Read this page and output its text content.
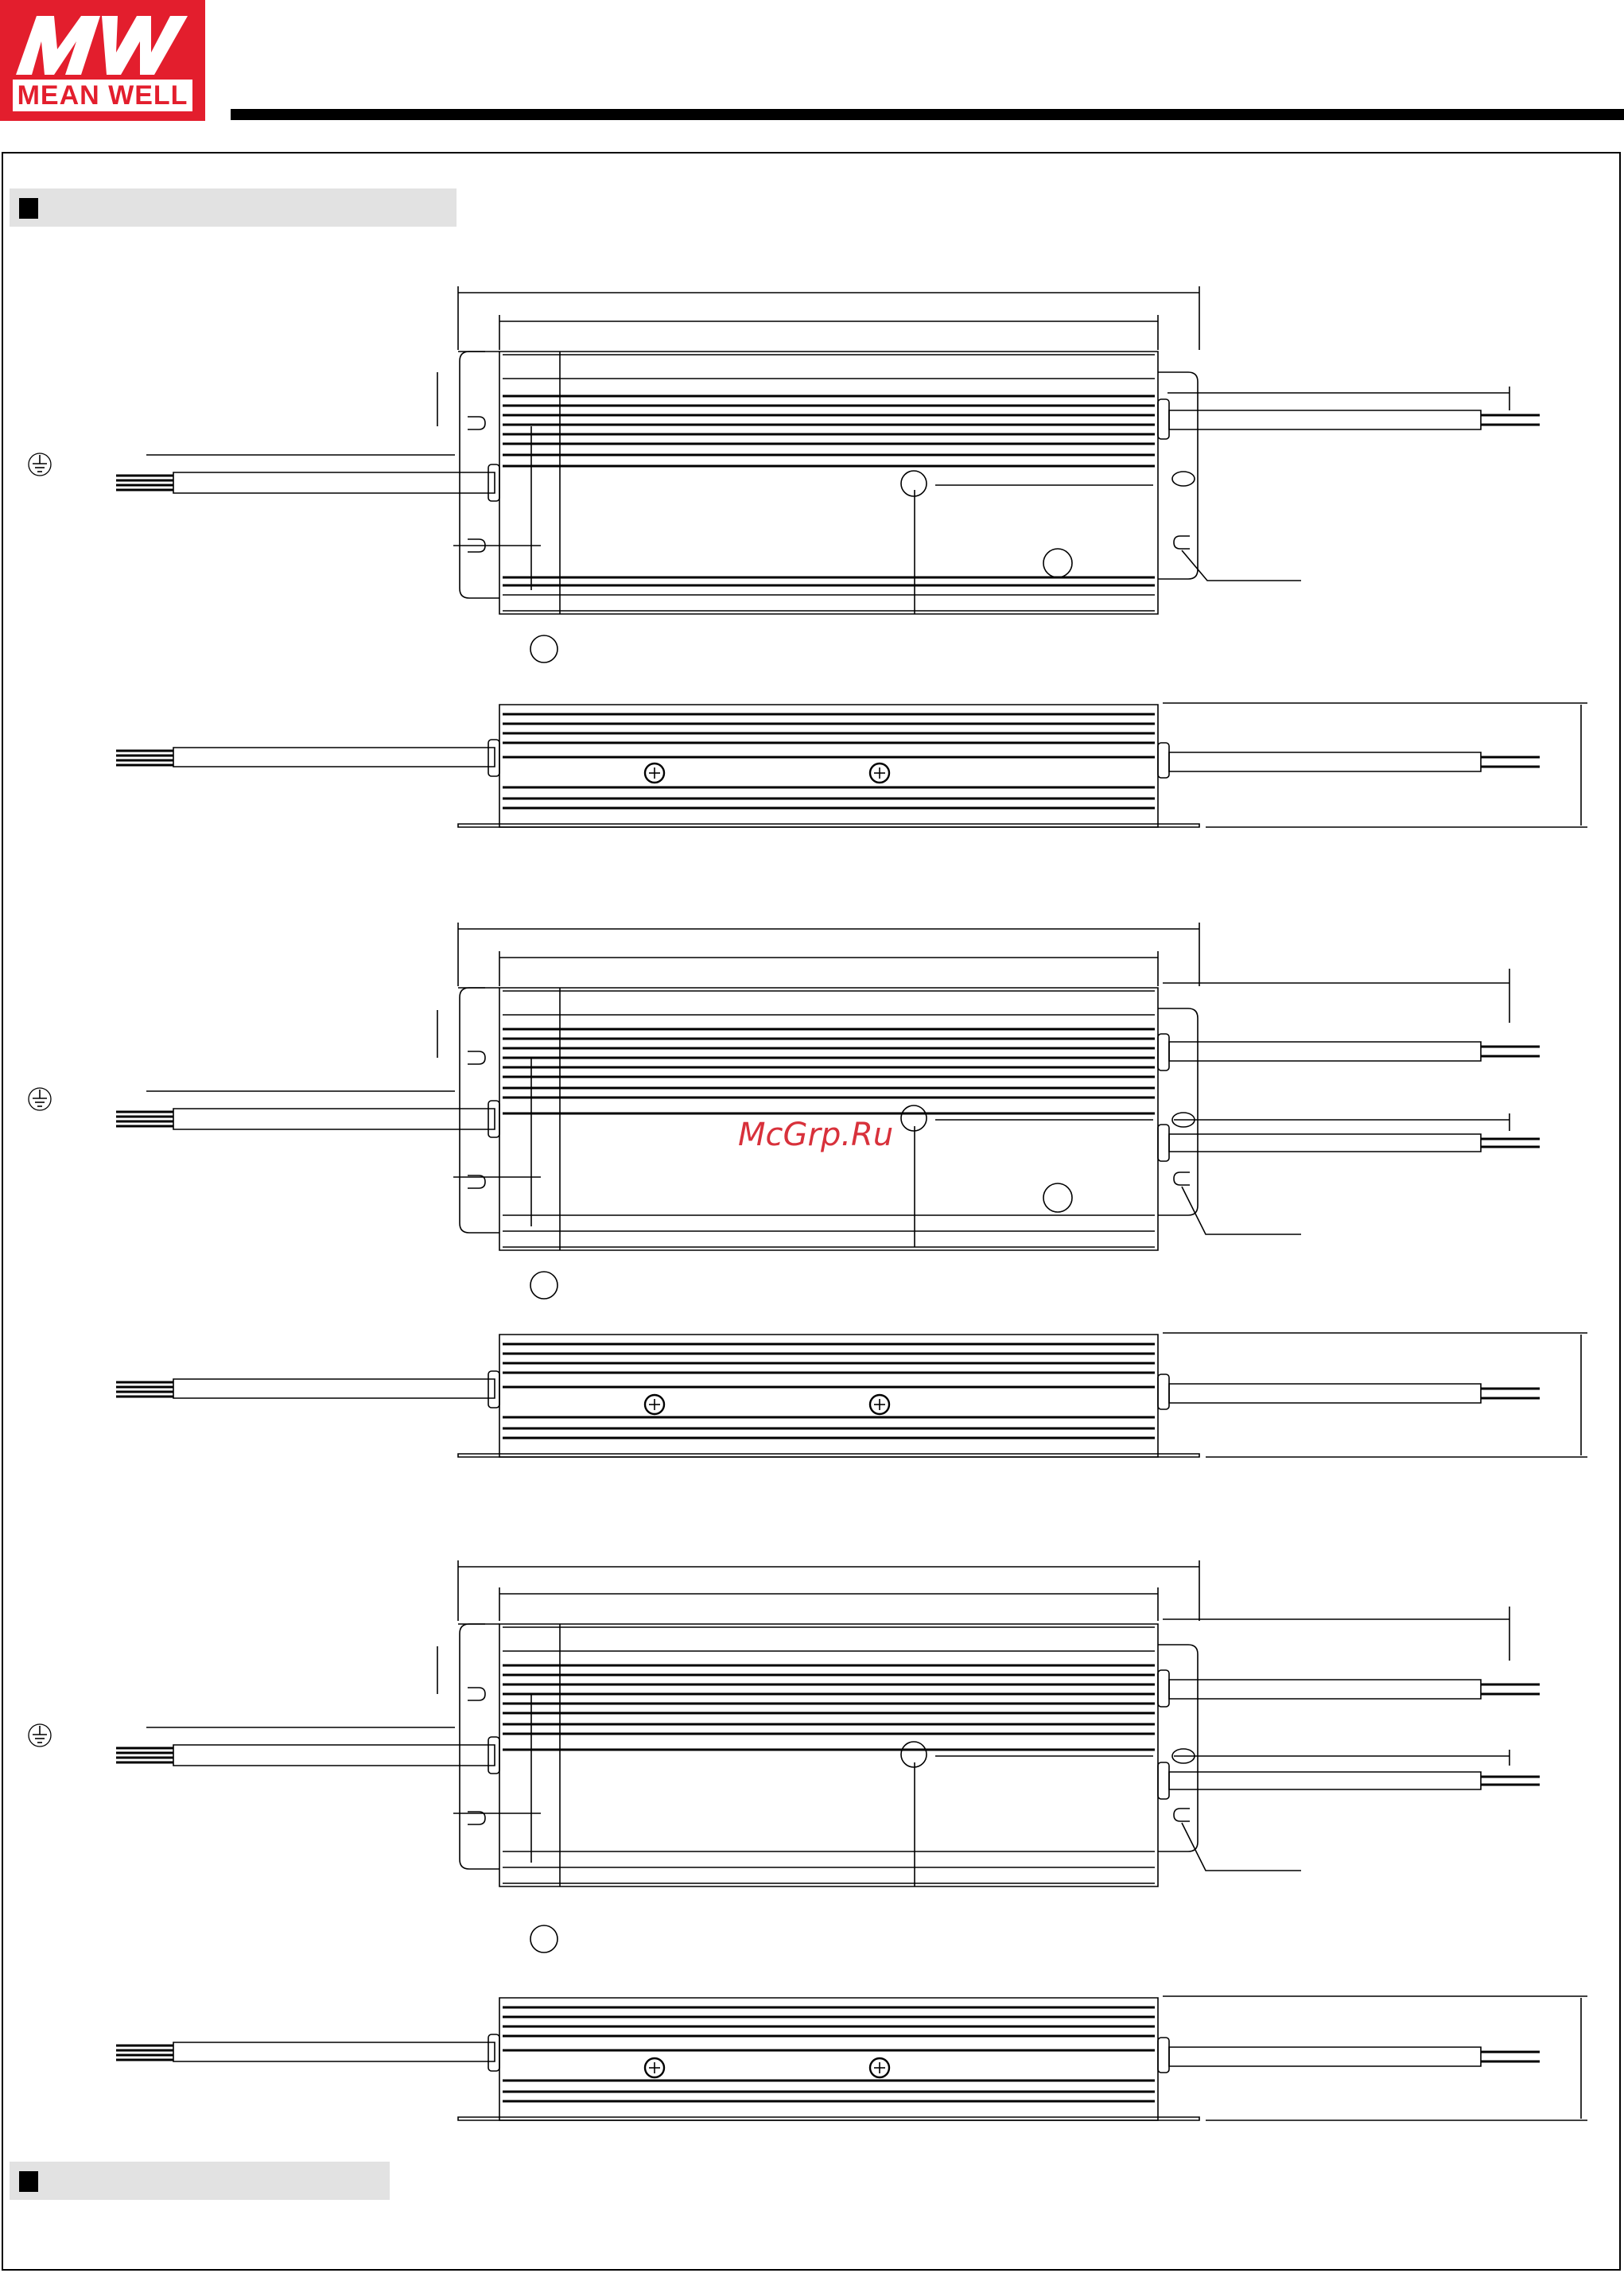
MEAN WELL
McGrp.Ru
